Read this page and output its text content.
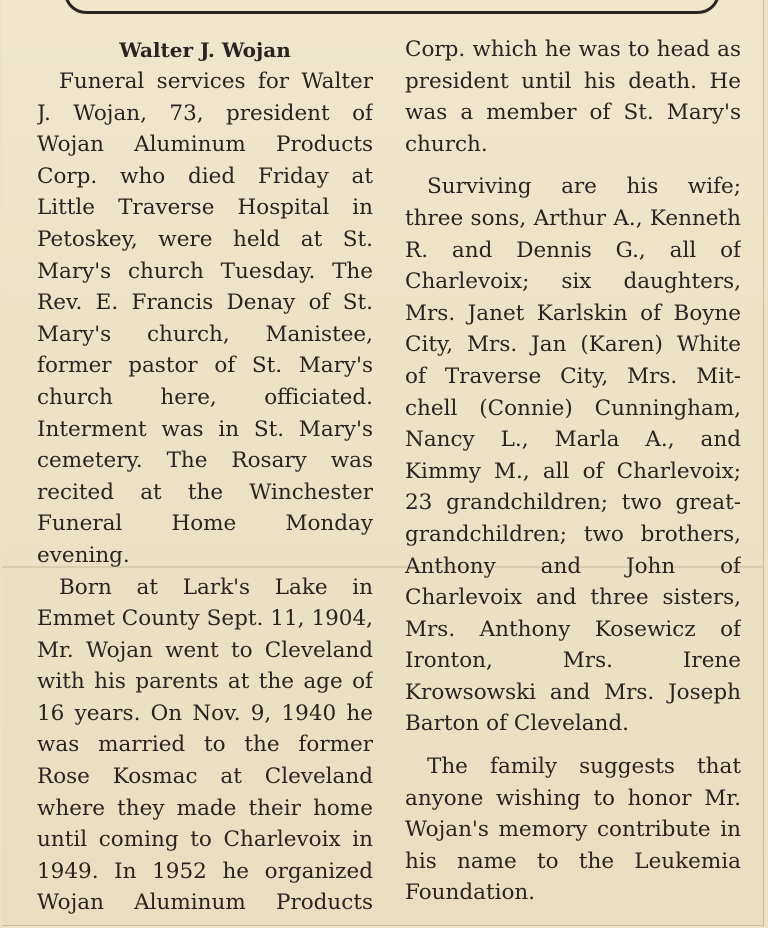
Walter J. Wojan
Funeral services for Walter
J. Wojan, 73, president of
Wojan Aluminum Products
Corp. who died Friday at
Little Traverse Hospital in
Petoskey, were held at St.
Mary's church Tuesday. The
Rev. E. Francis Denay of St.
Mary's church, Manistee,
former pastor of St. Mary's
church here, officiated.
Interment was in St. Mary's
cemetery. The Rosary was
recited at the Winchester
Funeral Home Monday
evening.
Born at Lark's Lake in
Emmet County Sept. 11, 1904,
Mr. Wojan went to Cleveland
with his parents at the age of
16 years. On Nov. 9, 1940 he
was married to the former
Rose Kosmac at Cleveland
where they made their home
until coming to Charlevoix in
1949. In 1952 he organized
Wojan Aluminum Products
Corp. which he was to head as
president until his death. He
was a member of St. Mary's
church.
Surviving are his wife;
three sons, Arthur A., Kenneth
R. and Dennis G., all of
Charlevoix; six daughters,
Mrs. Janet Karlskin of Boyne
City, Mrs. Jan (Karen) White
of Traverse City, Mrs. Mit-
chell (Connie) Cunningham,
Nancy L., Marla A., and
Kimmy M., all of Charlevoix;
23 grandchildren; two great-
grandchildren; two brothers,
Anthony and John of
Charlevoix and three sisters,
Mrs. Anthony Kosewicz of
Ironton, Mrs. Irene
Krowsowski and Mrs. Joseph
Barton of Cleveland.
The family suggests that
anyone wishing to honor Mr.
Wojan's memory contribute in
his name to the Leukemia
Foundation.
